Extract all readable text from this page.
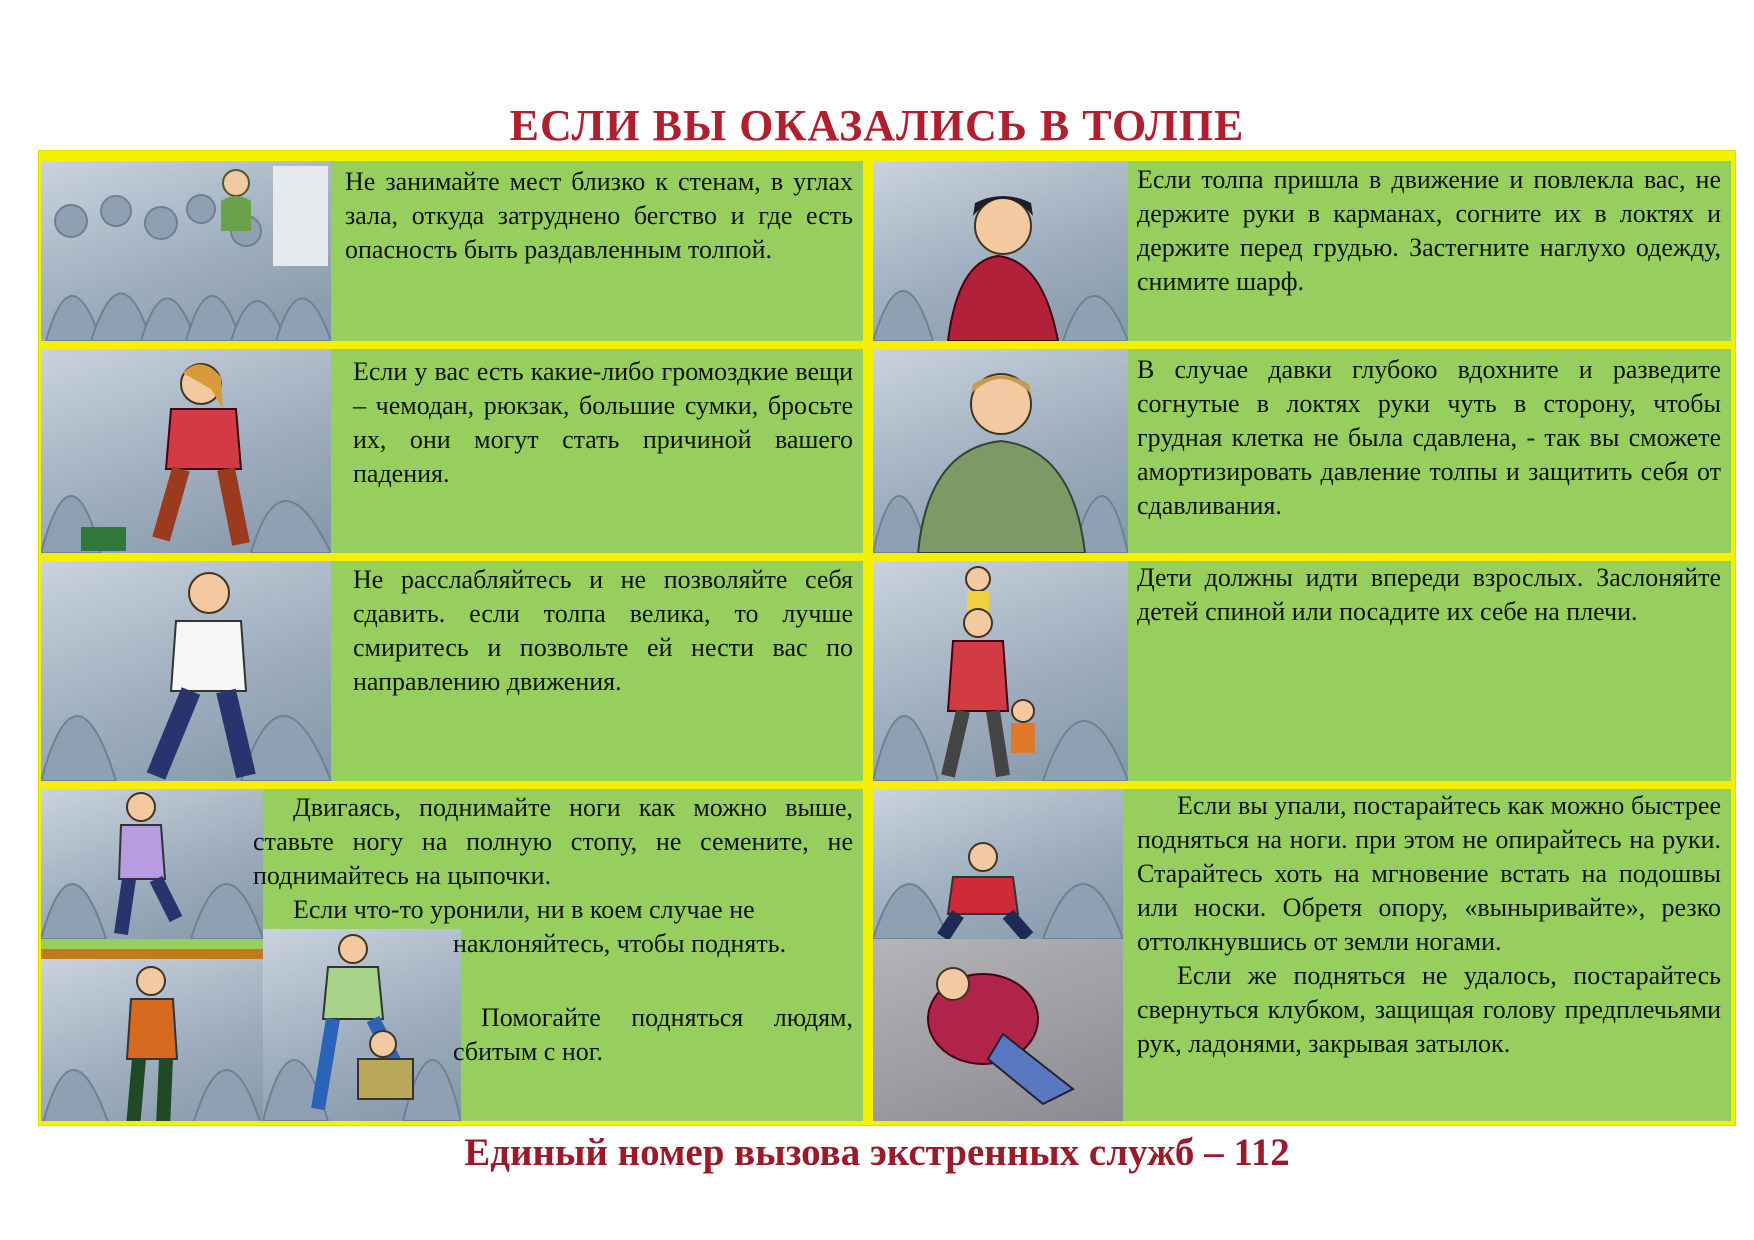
ЕСЛИ ВЫ ОКАЗАЛИСЬ В ТОЛПЕ
Не занимайте мест близко к стенам, в углах зала, откуда затруднено бегство и где есть опасность быть раздавленным толпой.
Если толпа пришла в движение и повлекла вас, не держите руки в карманах, согните их в локтях и держите перед грудью. Застегните наглухо одежду, снимите шарф.
Если у вас есть какие-либо громоздкие вещи – чемодан, рюкзак, большие сумки, бросьте их, они могут стать причиной вашего падения.
В случае давки глубоко вдохните и разведите согнутые в локтях руки чуть в сторону, чтобы грудная клетка не была сдавлена, - так вы сможете амортизировать давление толпы и защитить себя от сдавливания.
Не расслабляйтесь и не позволяйте себя сдавить. если толпа велика, то лучше смиритесь и позвольте ей нести вас по направлению движения.
Дети должны идти впереди взрослых. Заслоняйте детей спиной или посадите их себе на плечи.

Двигаясь, поднимайте ноги как можно выше, ставьте ногу на полную стопу, не семените, не поднимайтесь на цыпочки.

Если что-то уронили, ни в коем случае не

наклоняйтесь, чтобы поднять.
Помогайте подняться людям, сбитым с ног.

Если вы упали, постарайтесь как можно быстрее подняться на ноги. при этом не опирайтесь на руки. Старайтесь хоть на мгновение встать на подошвы или носки. Обретя опору, «выныривайте», резко оттолкнувшись от земли ногами.

Если же подняться не удалось, постарайтесь свернуться клубком, защищая голову предплечьями рук, ладонями, закрывая затылок.

Единый номер вызова экстренных служб – 112
